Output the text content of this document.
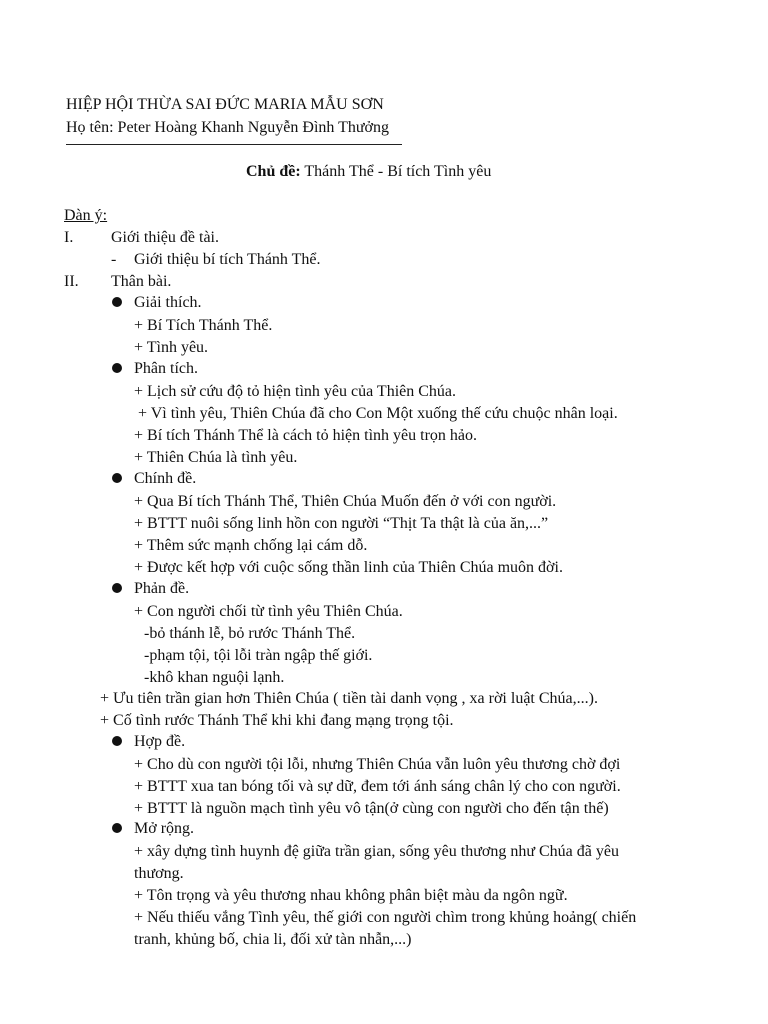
HIỆP HỘI THỪA SAI ĐỨC MARIA MẪU SƠN
Họ tên: Peter Hoàng Khanh Nguyễn Đình Thưởng
Chủ đề: Thánh Thể - Bí tích Tình yêu
Dàn ý:
I. Giới thiệu đề tài.
- Giới thiệu bí tích Thánh Thể.
II. Thân bài.
Giải thích.
+ Bí Tích Thánh Thể.
+ Tình yêu.
Phân tích.
+ Lịch sử cứu độ tỏ hiện tình yêu của Thiên Chúa.
+ Vì tình yêu, Thiên Chúa đã cho Con Một xuống thế cứu chuộc nhân loại.
+ Bí tích Thánh Thể là cách tỏ hiện tình yêu trọn hảo.
+ Thiên Chúa là tình yêu.
Chính đề.
+ Qua Bí tích Thánh Thể, Thiên Chúa Muốn đến ở với con người.
+ BTTT nuôi sống linh hồn con người “Thịt Ta thật là của ăn,...”
+ Thêm sức mạnh chống lại cám dỗ.
+ Được kết hợp với cuộc sống thần linh của Thiên Chúa muôn đời.
Phản đề.
+ Con người chối từ tình yêu Thiên Chúa.
-bỏ thánh lễ, bỏ rước Thánh Thể.
-phạm tội, tội lỗi tràn ngập thế giới.
-khô khan nguội lạnh.
+ Ưu tiên trần gian hơn Thiên Chúa ( tiền tài danh vọng , xa rời luật Chúa,...).
+ Cố tình rước Thánh Thể khi khi đang mạng trọng tội.
Hợp đề.
+ Cho dù con người tội lỗi, nhưng Thiên Chúa vẫn luôn yêu thương chờ đợi
+ BTTT xua tan bóng tối và sự dữ, đem tới ánh sáng chân lý cho con người.
+ BTTT là nguồn mạch tình yêu vô tận(ở cùng con người cho đến tận thế)
Mở rộng.
+ xây dựng tình huynh đệ giữa trần gian, sống yêu thương như Chúa đã yêu
thương.
+ Tôn trọng và yêu thương nhau không phân biệt màu da ngôn ngữ.
+ Nếu thiếu vắng Tình yêu, thế giới con người chìm trong khủng hoảng( chiến
tranh, khủng bố, chia li, đối xử tàn nhẫn,...)
